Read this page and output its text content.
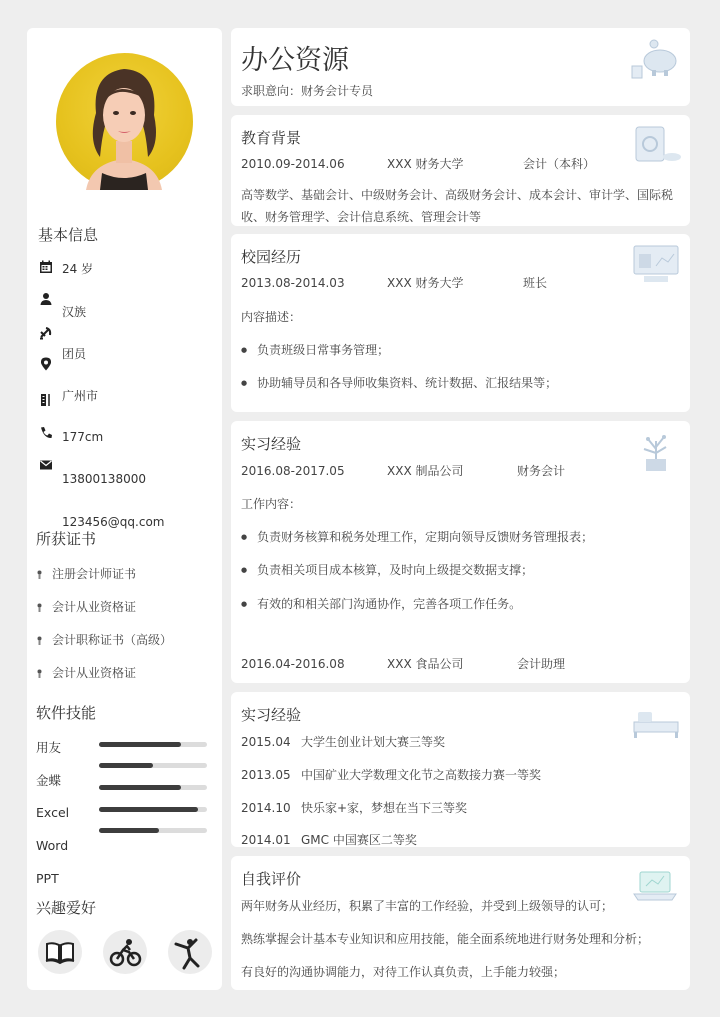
基本信息
24 岁
汉族
团员
广州市
177cm
13800138000
123456@qq.com
所获证书
注册会计师证书
会计从业资格证
会计职称证书（高级）
会计从业资格证
软件技能
用友
金蝶
Excel
Word
PPT
兴趣爱好
办公资源
求职意向：财务会计专员
教育背景
2010.09-2014.06	XXX 财务大学	会计（本科）
高等数学、基础会计、中级财务会计、高级财务会计、成本会计、审计学、国际税收、财务管理学、会计信息系统、管理会计等
校园经历
2013.08-2014.03	XXX 财务大学	班长
内容描述：
● 负责班级日常事务管理；
● 协助辅导员和各导师收集资料、统计数据、汇报结果等；
实习经验
2016.08-2017.05	XXX 制品公司	财务会计
工作内容：
● 负责财务核算和税务处理工作，定期向领导反馈财务管理报表；
● 负责相关项目成本核算，及时向上级提交数据支撑；
● 有效的和相关部门沟通协作，完善各项工作任务。
2016.04-2016.08	XXX 食品公司	会计助理
实习经验
2015.04 大学生创业计划大赛三等奖
2013.05 中国矿业大学数理文化节之高数接力赛一等奖
2014.10 快乐家+家，梦想在当下三等奖
2014.01 GMC 中国赛区二等奖
自我评价
两年财务从业经历，积累了丰富的工作经验，并受到上级领导的认可；
熟练掌握会计基本专业知识和应用技能，能全面系统地进行财务处理和分析；
有良好的沟通协调能力，对待工作认真负责，上手能力较强；
